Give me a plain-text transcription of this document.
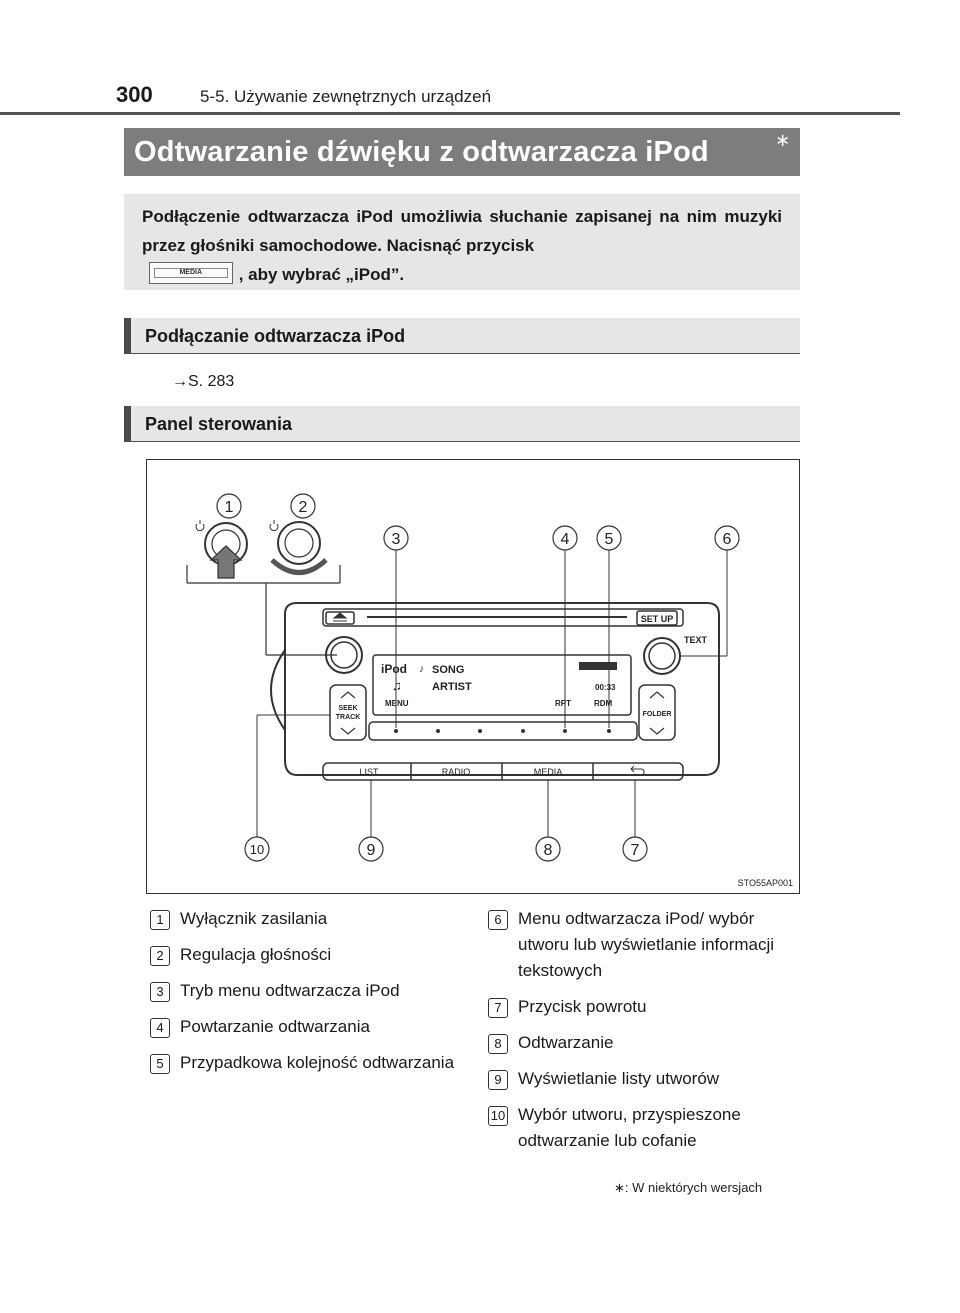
300	5-5. Używanie zewnętrznych urządzeń
Odtwarzanie dźwięku z odtwarzacza iPod	∗
Podłączenie odtwarzacza iPod umożliwia słuchanie zapisanej na nim muzyki przez głośniki samochodowe. Nacisnąć przycisk

MEDIA	, aby wybrać „iPod”.
Podłączanie odtwarzacza iPod
→S. 283
Panel sterowania
1	2
3	4 5	6
7
8
9
10
SET UP
TEXT
SEEK
TRACK	FOLDER
iPod SONG
♪
♫	ARTIST	00:33
MENU	RPT	RDM
LIST	RADIO	MEDIA
STO55AP001
1 Wyłącznik zasilania
2 Regulacja głośności
3 Tryb menu odtwarzacza iPod
4 Powtarzanie odtwarzania
5 Przypadkowa kolejność odtwarzania
6 Menu odtwarzacza iPod/ wybór utworu lub wyświetlanie informacji tekstowych
7 Przycisk powrotu
8 Odtwarzanie
9 Wyświetlanie listy utworów
10 Wybór utworu, przyspieszone odtwarzanie lub cofanie
∗: W niektórych wersjach
